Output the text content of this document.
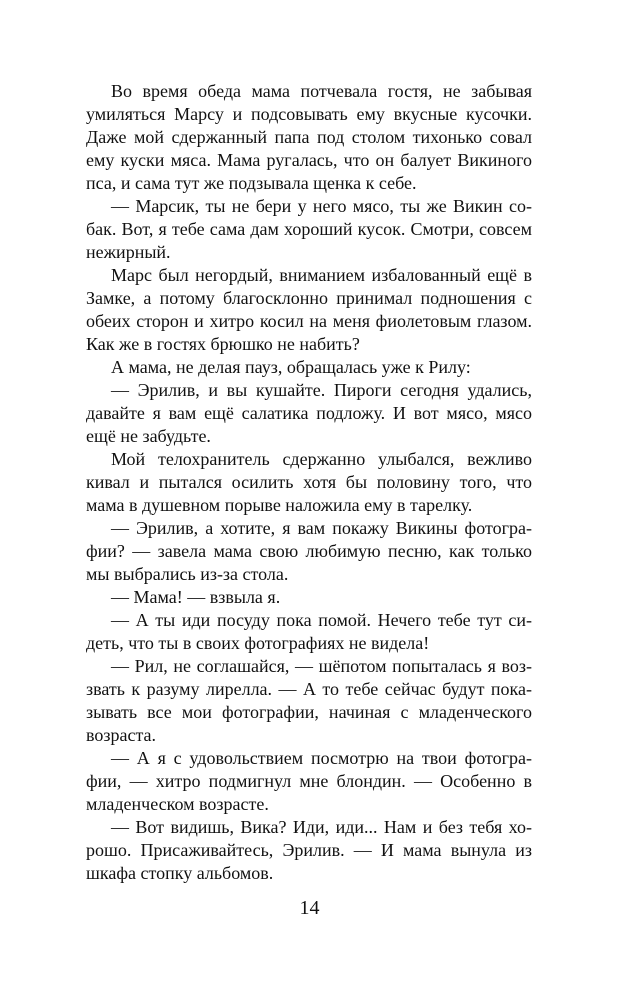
Во время обеда мама потчевала гостя, не забывая умиляться Марсу и подсовывать ему вкусные кусочки. Даже мой сдержанный папа под столом тихонько совал ему куски мяса. Мама ругалась, что он балует Викиного пса, и сама тут же подзывала щенка к себе.

— Марсик, ты не бери у него мясо, ты же Викин собак. Вот, я тебе сама дам хороший кусок. Смотри, совсем нежирный.

Марс был негордый, вниманием избалованный ещё в Замке, а потому благосклонно принимал подношения с обеих сторон и хитро косил на меня фиолетовым глазом. Как же в гостях брюшко не набить?

А мама, не делая пауз, обращалась уже к Рилу:

— Эрилив, и вы кушайте. Пироги сегодня удались, давайте я вам ещё салатика подложу. И вот мясо, мясо ещё не забудьте.

Мой телохранитель сдержанно улыбался, вежливо кивал и пытался осилить хотя бы половину того, что мама в душевном порыве наложила ему в тарелку.

— Эрилив, а хотите, я вам покажу Викины фотографии? — завела мама свою любимую песню, как только мы выбрались из-за стола.

— Мама! — взвыла я.

— А ты иди посуду пока помой. Нечего тебе тут сидеть, что ты в своих фотографиях не видела!

— Рил, не соглашайся, — шёпотом попыталась я воззвать к разуму лирелла. — А то тебе сейчас будут показывать все мои фотографии, начиная с младенческого возраста.

— А я с удовольствием посмотрю на твои фотографии, — хитро подмигнул мне блондин. — Особенно в младенческом возрасте.

— Вот видишь, Вика? Иди, иди... Нам и без тебя хорошо. Присаживайтесь, Эрилив. — И мама вынула из шкафа стопку альбомов.

14
